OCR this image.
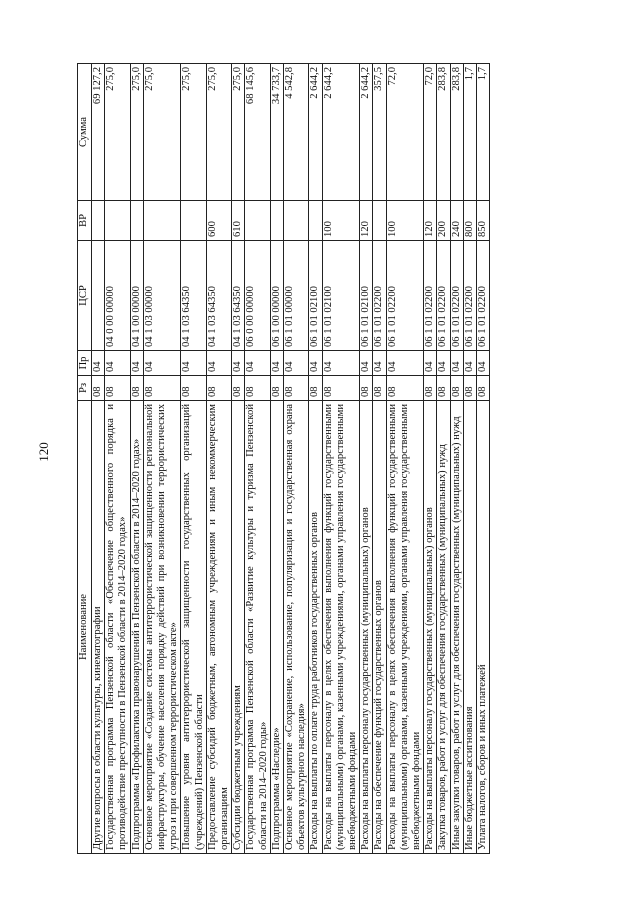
120
Наименование	Рз	Пр	ЦСР	ВР	Сумма
Другие вопросы в области культуры, кинематографии	08	04			69 127,2
Государственная программа Пензенской области «Обеспечение общественного порядка и противодействие преступности в Пензенской области в 2014–2020 годах»	08	04	04 0 00 00000		275,0
Подпрограмма «Профилактика правонарушений в Пензенской области в 2014–2020 годах»	08	04	04 1 00 00000		275,0
Основное мероприятие «Создание системы антитеррористической защищенности региональной инфраструктуры, обучение населения порядку действий при возникновении террористических угроз и при совершенном террористическом акте»	08	04	04 1 03 00000		275,0
Повышение уровня антитеррористической защищенности государственных организаций (учреждений) Пензенской области	08	04	04 1 03 64350		275,0
Предоставление субсидий бюджетным, автономным учреждениям и иным некоммерческим организациям	08	04	04 1 03 64350	600	275,0
Субсидии бюджетным учреждениям	08	04	04 1 03 64350	610	275,0
Государственная программа Пензенской области «Развитие культуры и туризма Пензенской области на 2014–2020 годы»	08	04	06 0 00 00000		68 145,6
Подпрограмма «Наследие»	08	04	06 1 00 00000		34 733,7
Основное мероприятие «Сохранение, использование, популяризация и государственная охрана объектов культурного наследия»	08	04	06 1 01 00000		4 542,8
Расходы на выплаты по оплате труда работников государственных органов	08	04	06 1 01 02100		2 644,2
Расходы на выплаты персоналу в целях обеспечения выполнения функций государственными (муниципальными) органами, казенными учреждениями, органами управления государственными внебюджетными фондами	08	04	06 1 01 02100	100	2 644,2
Расходы на выплаты персоналу государственных (муниципальных) органов	08	04	06 1 01 02100	120	2 644,2
Расходы на обеспечение функций государственных органов	08	04	06 1 01 02200		357,5
Расходы на выплаты персоналу в целях обеспечения выполнения функций государственными (муниципальными) органами, казенными учреждениями, органами управления государственными внебюджетными фондами	08	04	06 1 01 02200	100	72,0
Расходы на выплаты персоналу государственных (муниципальных) органов	08	04	06 1 01 02200	120	72,0
Закупка товаров, работ и услуг для обеспечения государственных (муниципальных) нужд	08	04	06 1 01 02200	200	283,8
Иные закупки товаров, работ и услуг для обеспечения государственных (муниципальных) нужд	08	04	06 1 01 02200	240	283,8
Иные бюджетные ассигнования	08	04	06 1 01 02200	800	1,7
Уплата налогов, сборов и иных платежей	08	04	06 1 01 02200	850	1,7
